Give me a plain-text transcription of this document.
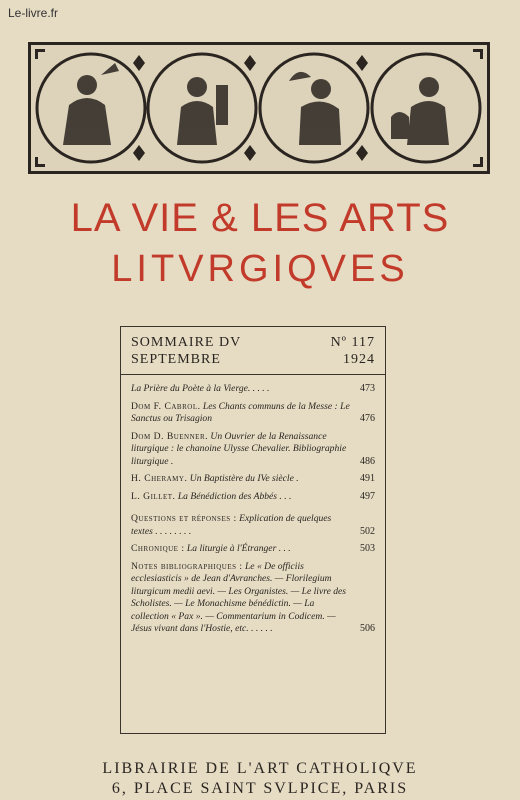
Le-livre.fr
LA VIE & LES ARTS
LITVRGIQVES
SOMMAIRE DV	Nº 117
SEPTEMBRE	1924
La Prière du Poète à la Vierge. . . . .	473
Dom F. Cabrol. Les Chants communs de la Messe : Le Sanctus ou Trisagion	476
Dom D. Buenner. Un Ouvrier de la Renaissance liturgique : le chanoine Ulysse Chevalier. Bibliographie liturgique .	486
H. Cheramy. Un Baptistère du IVe siècle .	491
L. Gillet. La Bénédiction des Abbés . . .	497
Questions et réponses : Explication de quelques textes . . . . . . . .	502
Chronique : La liturgie à l'Étranger . . .	503
Notes bibliographiques : Le « De officiis ecclesiasticis » de Jean d'Avranches. — Florilegium liturgicum medii aevi. — Les Organistes. — Le livre des Scholistes. — Le Monachisme bénédictin. — La collection « Pax ». — Commentarium in Codicem. — Jésus vivant dans l'Hostie, etc. . . . . .	506
LIBRAIRIE DE L'ART CATHOLIQVE
6, PLACE SAINT SVLPICE, PARIS
